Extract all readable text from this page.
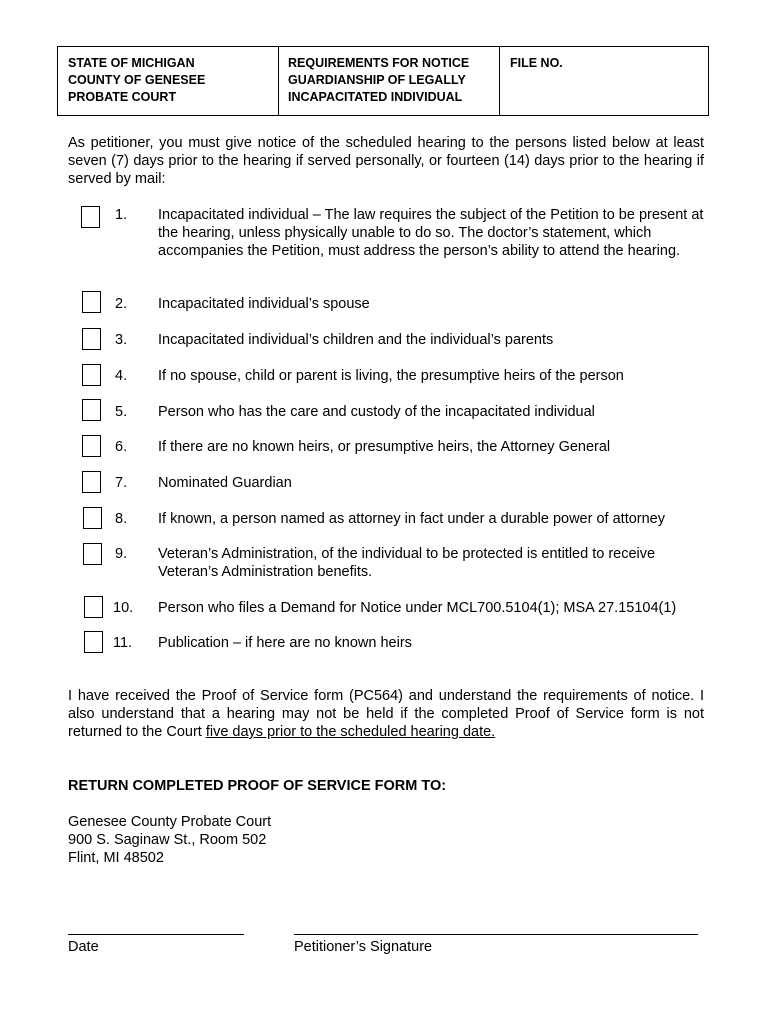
STATE OF MICHIGAN
COUNTY OF GENESEE
PROBATE COURT
REQUIREMENTS FOR NOTICE
GUARDIANSHIP OF LEGALLY
INCAPACITATED INDIVIDUAL
FILE NO.
As petitioner, you must give notice of the scheduled hearing to the persons listed below at least seven (7) days prior to the hearing if served personally, or fourteen (14) days prior to the hearing if served by mail:
1. Incapacitated individual – The law requires the subject of the Petition to be present at the hearing, unless physically unable to do so. The doctor’s statement, which accompanies the Petition, must address the person’s ability to attend the hearing.
2. Incapacitated individual’s spouse
3. Incapacitated individual’s children and the individual’s parents
4. If no spouse, child or parent is living, the presumptive heirs of the person
5. Person who has the care and custody of the incapacitated individual
6. If there are no known heirs, or presumptive heirs, the Attorney General
7. Nominated Guardian
8. If known, a person named as attorney in fact under a durable power of attorney
9. Veteran’s Administration, of the individual to be protected is entitled to receive Veteran’s Administration benefits.
10. Person who files a Demand for Notice under MCL700.5104(1); MSA 27.15104(1)
11. Publication – if here are no known heirs
I have received the Proof of Service form (PC564) and understand the requirements of notice. I also understand that a hearing may not be held if the completed Proof of Service form is not returned to the Court five days prior to the scheduled hearing date.
RETURN COMPLETED PROOF OF SERVICE FORM TO:
Genesee County Probate Court
900 S. Saginaw St., Room 502
Flint, MI 48502
Date	Petitioner’s Signature
